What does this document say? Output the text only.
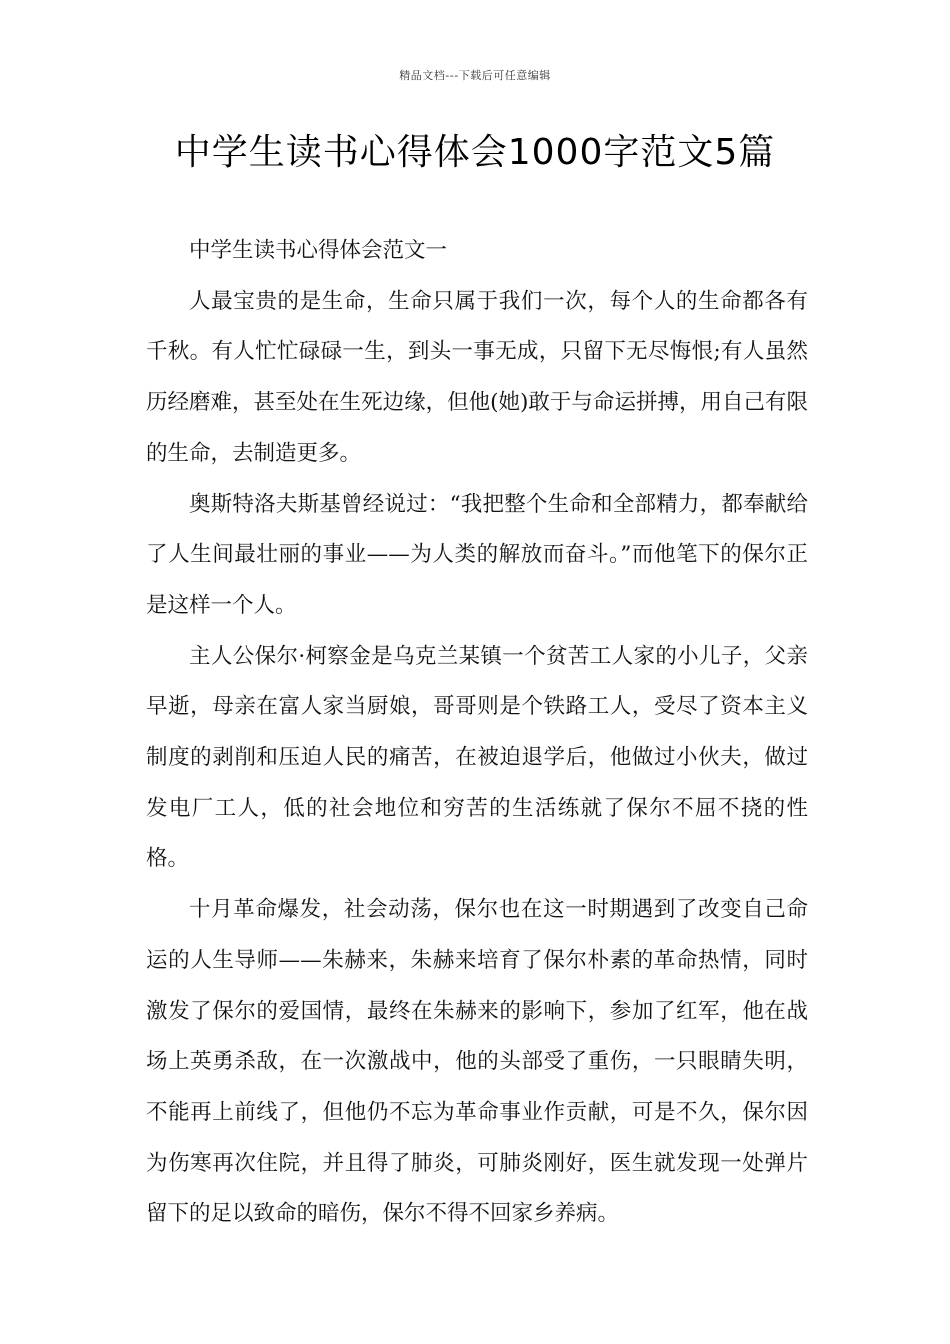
精品文档---下载后可任意编辑
中学生读书心得体会1000字范文5篇

中学生读书心得体会范文一

人最宝贵的是生命，生命只属于我们一次，每个人的生命都各有千秋。有人忙忙碌碌一生，到头一事无成，只留下无尽悔恨;有人虽然历经磨难，甚至处在生死边缘，但他(她)敢于与命运拼搏，用自己有限的生命，去制造更多。

奥斯特洛夫斯基曾经说过：“我把整个生命和全部精力，都奉献给了人生间最壮丽的事业——为人类的解放而奋斗。”而他笔下的保尔正是这样一个人。

主人公保尔·柯察金是乌克兰某镇一个贫苦工人家的小儿子，父亲早逝，母亲在富人家当厨娘，哥哥则是个铁路工人，受尽了资本主义制度的剥削和压迫人民的痛苦，在被迫退学后，他做过小伙夫，做过发电厂工人，低的社会地位和穷苦的生活练就了保尔不屈不挠的性格。

十月革命爆发，社会动荡，保尔也在这一时期遇到了改变自己命运的人生导师——朱赫来，朱赫来培育了保尔朴素的革命热情，同时激发了保尔的爱国情，最终在朱赫来的影响下，参加了红军，他在战场上英勇杀敌，在一次激战中，他的头部受了重伤，一只眼睛失明，不能再上前线了，但他仍不忘为革命事业作贡献，可是不久，保尔因为伤寒再次住院，并且得了肺炎，可肺炎刚好，医生就发现一处弹片留下的足以致命的暗伤，保尔不得不回家乡养病。
